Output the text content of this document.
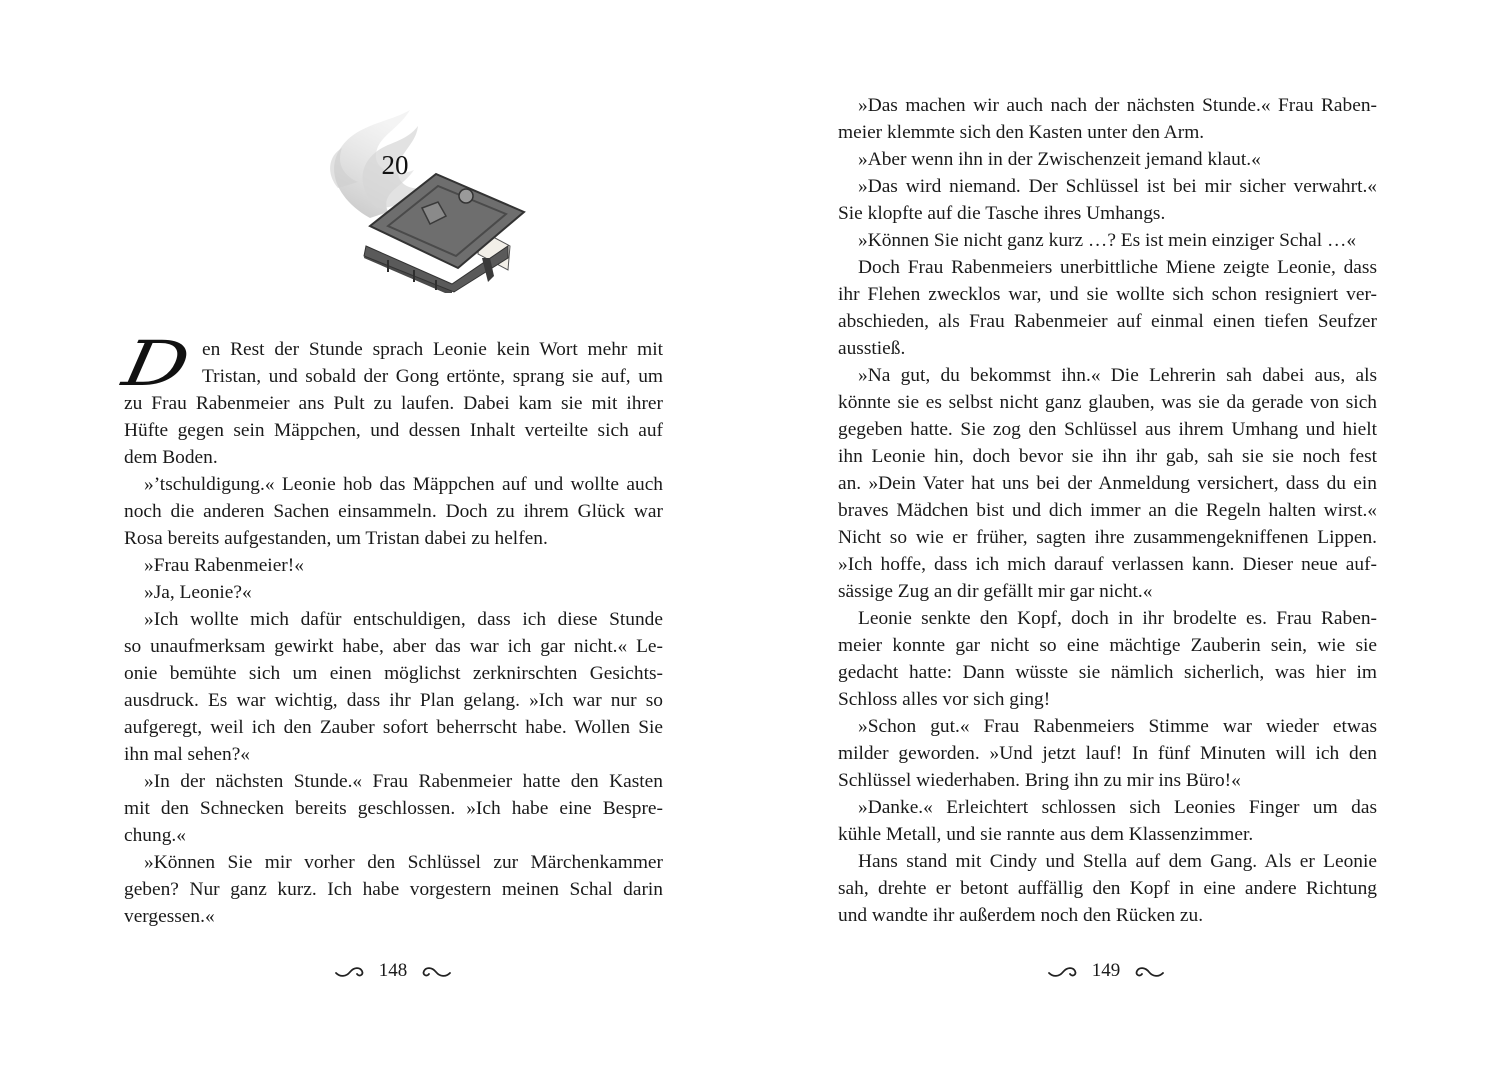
20
D en Rest der Stunde sprach Leonie kein Wort mehr mit
Tristan, und sobald der Gong ertönte, sprang sie auf, um
zu Frau Rabenmeier ans Pult zu laufen. Dabei kam sie mit ihrer
Hüfte gegen sein Mäppchen, und dessen Inhalt verteilte sich auf
dem Boden.
»’tschuldigung.« Leonie hob das Mäppchen auf und wollte auch
noch die anderen Sachen einsammeln. Doch zu ihrem Glück war
Rosa bereits aufgestanden, um Tristan dabei zu helfen.
»Frau Rabenmeier!«
»Ja, Leonie?«
»Ich wollte mich dafür entschuldigen, dass ich diese Stunde
so unaufmerksam gewirkt habe, aber das war ich gar nicht.« Le-
onie bemühte sich um einen möglichst zerknirschten Gesichts-
ausdruck. Es war wichtig, dass ihr Plan gelang. »Ich war nur so
aufgeregt, weil ich den Zauber sofort beherrscht habe. Wollen Sie
ihn mal sehen?«
»In der nächsten Stunde.« Frau Rabenmeier hatte den Kasten
mit den Schnecken bereits geschlossen. »Ich habe eine Bespre-
chung.«
»Können Sie mir vorher den Schlüssel zur Märchenkammer
geben? Nur ganz kurz. Ich habe vorgestern meinen Schal darin
vergessen.«
148
»Das machen wir auch nach der nächsten Stunde.« Frau Raben-
meier klemmte sich den Kasten unter den Arm.
»Aber wenn ihn in der Zwischenzeit jemand klaut.«
»Das wird niemand. Der Schlüssel ist bei mir sicher verwahrt.«
Sie klopfte auf die Tasche ihres Umhangs.
»Können Sie nicht ganz kurz …? Es ist mein einziger Schal …«
Doch Frau Rabenmeiers unerbittliche Miene zeigte Leonie, dass
ihr Flehen zwecklos war, und sie wollte sich schon resigniert ver-
abschieden, als Frau Rabenmeier auf einmal einen tiefen Seufzer
ausstieß.
»Na gut, du bekommst ihn.« Die Lehrerin sah dabei aus, als
könnte sie es selbst nicht ganz glauben, was sie da gerade von sich
gegeben hatte. Sie zog den Schlüssel aus ihrem Umhang und hielt
ihn Leonie hin, doch bevor sie ihn ihr gab, sah sie sie noch fest
an. »Dein Vater hat uns bei der Anmeldung versichert, dass du ein
braves Mädchen bist und dich immer an die Regeln halten wirst.«
Nicht so wie er früher, sagten ihre zusammengekniffenen Lippen.
»Ich hoffe, dass ich mich darauf verlassen kann. Dieser neue auf-
sässige Zug an dir gefällt mir gar nicht.«
Leonie senkte den Kopf, doch in ihr brodelte es. Frau Raben-
meier konnte gar nicht so eine mächtige Zauberin sein, wie sie
gedacht hatte: Dann wüsste sie nämlich sicherlich, was hier im
Schloss alles vor sich ging!
»Schon gut.« Frau Rabenmeiers Stimme war wieder etwas
milder geworden. »Und jetzt lauf! In fünf Minuten will ich den
Schlüssel wiederhaben. Bring ihn zu mir ins Büro!«
»Danke.« Erleichtert schlossen sich Leonies Finger um das
kühle Metall, und sie rannte aus dem Klassenzimmer.
Hans stand mit Cindy und Stella auf dem Gang. Als er Leonie
sah, drehte er betont auffällig den Kopf in eine andere Richtung
und wandte ihr außerdem noch den Rücken zu.
149
